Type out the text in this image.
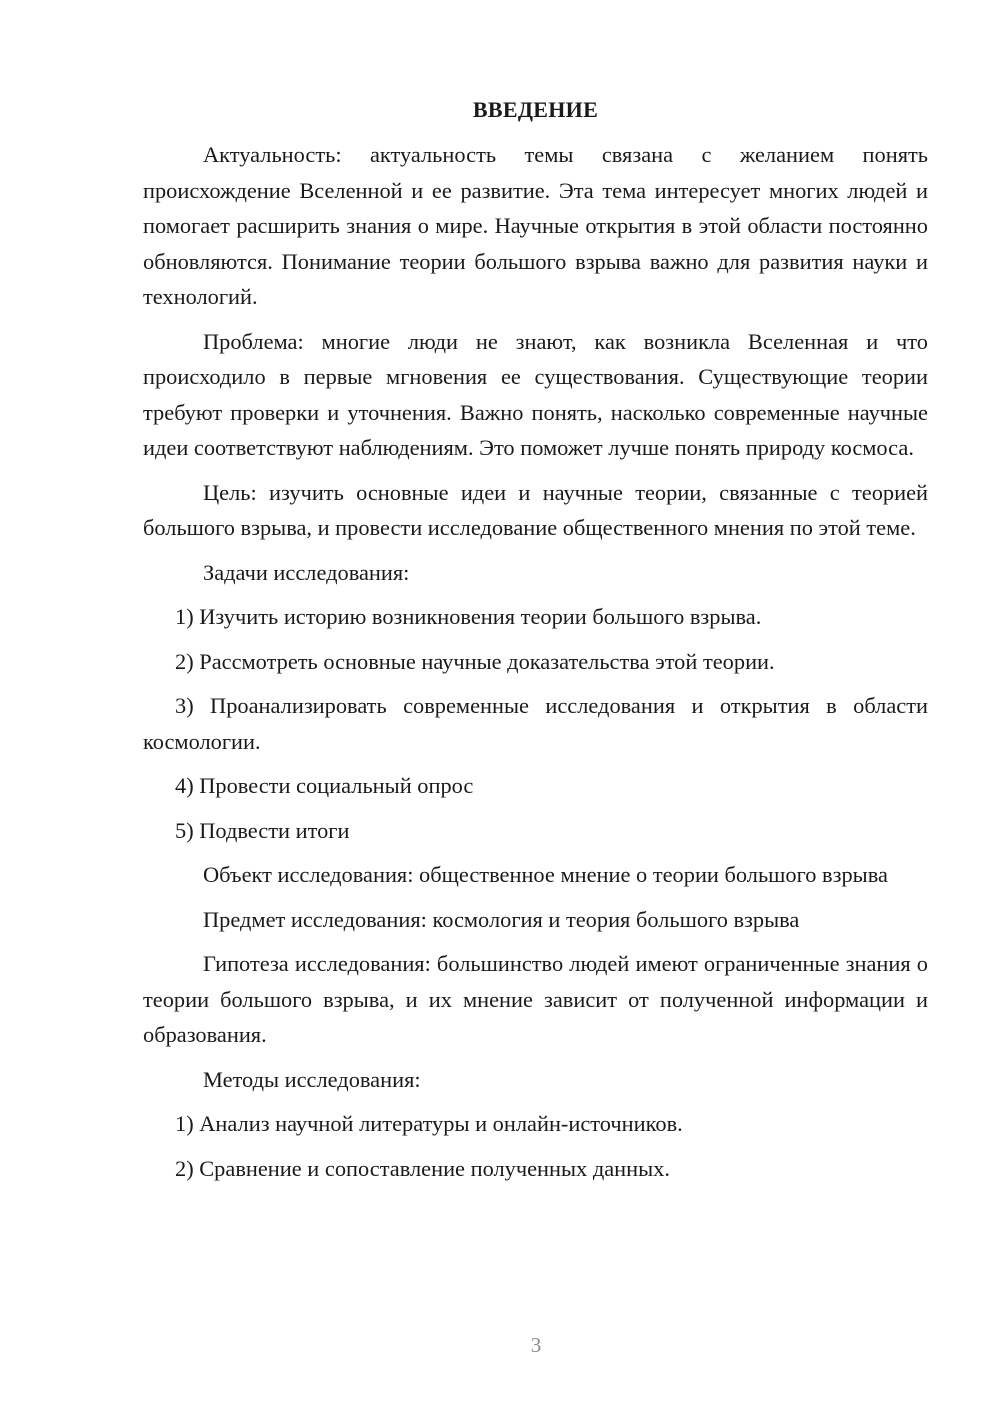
ВВЕДЕНИЕ

Актуальность: актуальность темы связана с желанием понять происхождение Вселенной и ее развитие. Эта тема интересует многих людей и помогает расширить знания о мире. Научные открытия в этой области постоянно обновляются. Понимание теории большого взрыва важно для развития науки и технологий.

Проблема: многие люди не знают, как возникла Вселенная и что происходило в первые мгновения ее существования. Существующие теории требуют проверки и уточнения. Важно понять, насколько современные научные идеи соответствуют наблюдениям. Это поможет лучше понять природу космоса.

Цель: изучить основные идеи и научные теории, связанные с теорией большого взрыва, и провести исследование общественного мнения по этой теме.

Задачи исследования:

1) Изучить историю возникновения теории большого взрыва.

2) Рассмотреть основные научные доказательства этой теории.

3) Проанализировать современные исследования и открытия в области космологии.

4) Провести социальный опрос

5) Подвести итоги

Объект исследования: общественное мнение о теории большого взрыва

Предмет исследования: космология и теория большого взрыва

Гипотеза исследования: большинство людей имеют ограниченные знания о теории большого взрыва, и их мнение зависит от полученной информации и образования.

Методы исследования:

1) Анализ научной литературы и онлайн-источников.

2) Сравнение и сопоставление полученных данных.

3
